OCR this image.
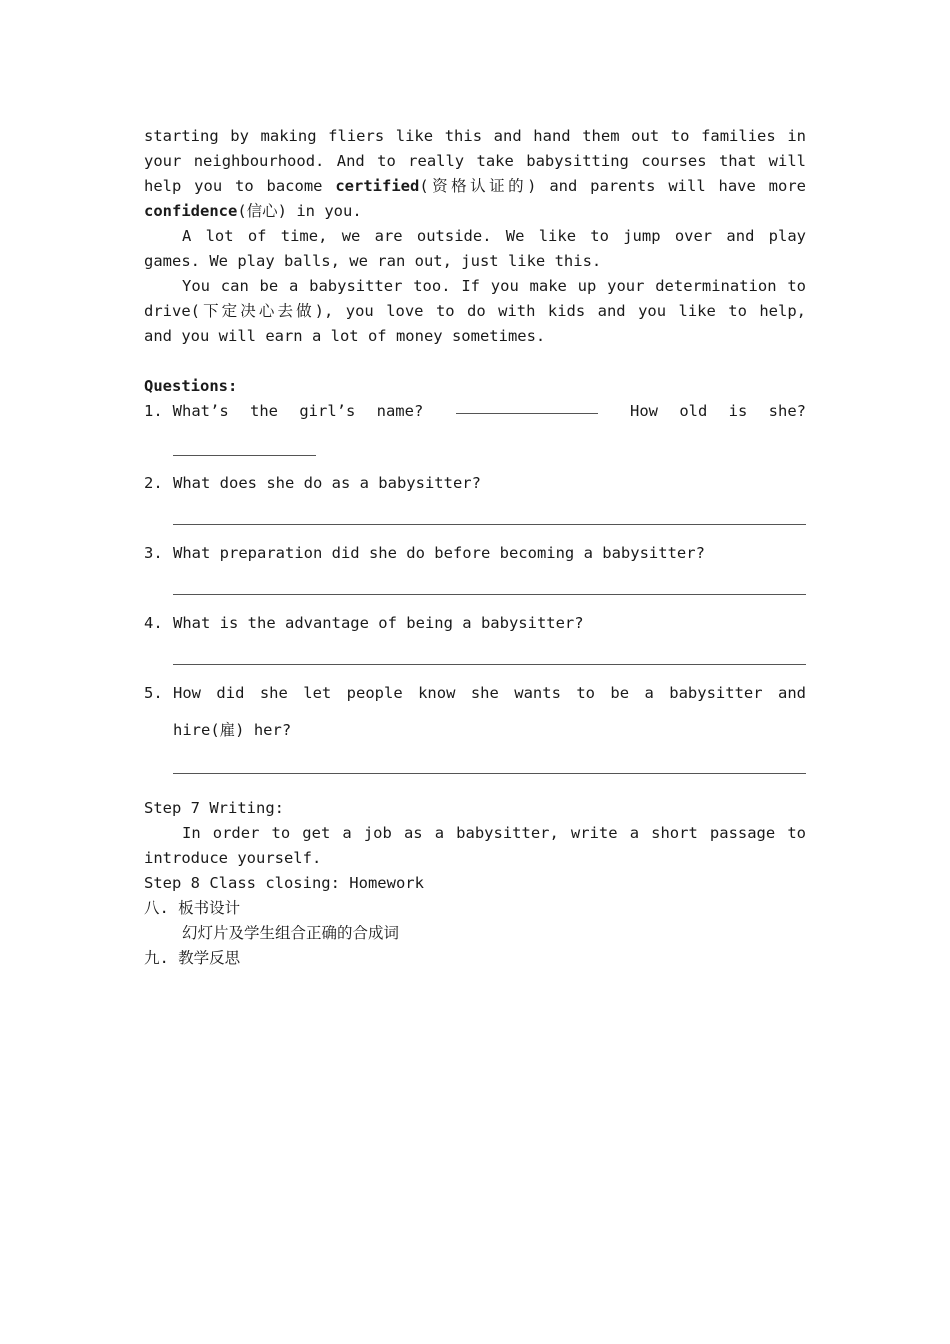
starting by making fliers like this and hand them out to families in
your neighbourhood. And to really take babysitting courses that will
help you to bacome certified(资格认证的) and parents will have more
confidence(信心) in you.
A lot of time, we are outside. We like to jump over and play
games. We play balls, we ran out, just like this.
You can be a babysitter too. If you make up your determination to
drive(下定决心去做), you love to do with kids and you like to help,
and you will earn a lot of money sometimes.
Questions:
1. What’s the girl’s name?	How old is she?
2. What does she do as a babysitter?
3. What preparation did she do before becoming a babysitter?
4. What is the advantage of being a babysitter?
5. How did she let people know she wants to be a babysitter and
hire(雇) her?
Step 7 Writing:
In order to get a job as a babysitter, write a short passage to
introduce yourself.
Step 8 Class closing: Homework
八. 板书设计
幻灯片及学生组合正确的合成词
九. 教学反思
